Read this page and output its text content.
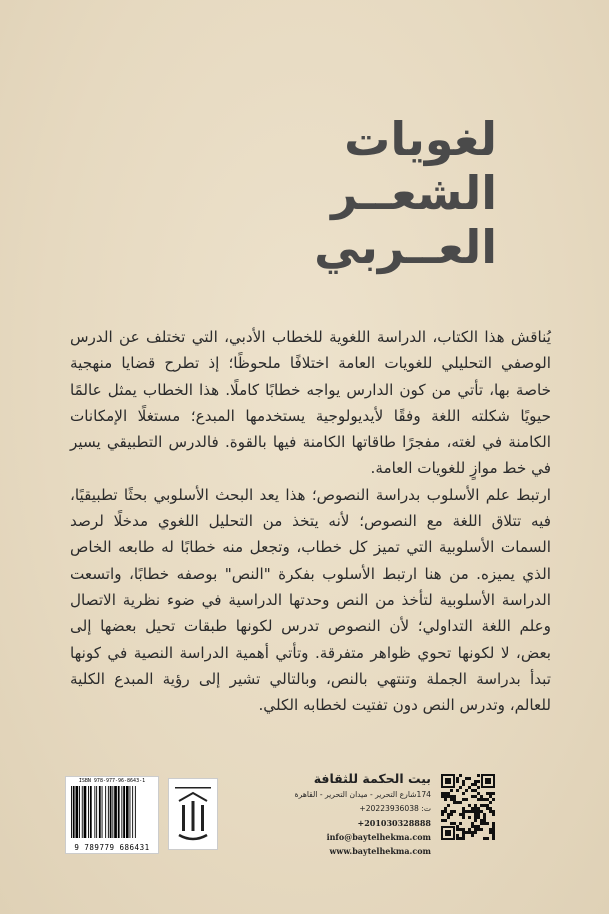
لغويات
الشعــر
العــربي

يُناقش هذا الكتاب، الدراسة اللغوية للخطاب الأدبي، التي تختلف عن الدرس الوصفي التحليلي للغويات العامة اختلافًا ملحوظًا؛ إذ تطرح قضايا منهجية خاصة بها، تأتي من كون الدارس يواجه خطابًا كاملًا. هذا الخطاب يمثل عالمًا حيويًا شكلته اللغة وفقًا لأيديولوجية يستخدمها المبدع؛ مستغلًا الإمكانات الكامنة في لغته، مفجرًا طاقاتها الكامنة فيها بالقوة. فالدرس التطبيقي يسير في خط موازٍ للغويات العامة.

ارتبط علم الأسلوب بدراسة النصوص؛ هذا يعد البحث الأسلوبي بحثًا تطبيقيًا، فيه تتلاق اللغة مع النصوص؛ لأنه يتخذ من التحليل اللغوي مدخلًا لرصد السمات الأسلوبية التي تميز كل خطاب، وتجعل منه خطابًا له طابعه الخاص الذي يميزه. من هنا ارتبط الأسلوب بفكرة "النص" بوصفه خطابًا، واتسعت الدراسة الأسلوبية لتأخذ من النص وحدتها الدراسية في ضوء نظرية الاتصال وعلم اللغة التداولي؛ لأن النصوص تدرس لكونها طبقات تحيل بعضها إلى بعض، لا لكونها تحوي ظواهر متفرقة. وتأتي أهمية الدراسة النصية في كونها تبدأ بدراسة الجملة وتنتهي بالنص، وبالتالي تشير إلى رؤية المبدع الكلية للعالم، وتدرس النص دون تفتيت لخطابه الكلي.

ISBN 978-977-96-8643-1
9 789779 686431
بيت الحكمة للثقافة
174شارع التحرير - ميدان التحرير - القاهرة
ت: 20223936038+
+201030328888
info@baytelhekma.com
www.baytelhekma.com
